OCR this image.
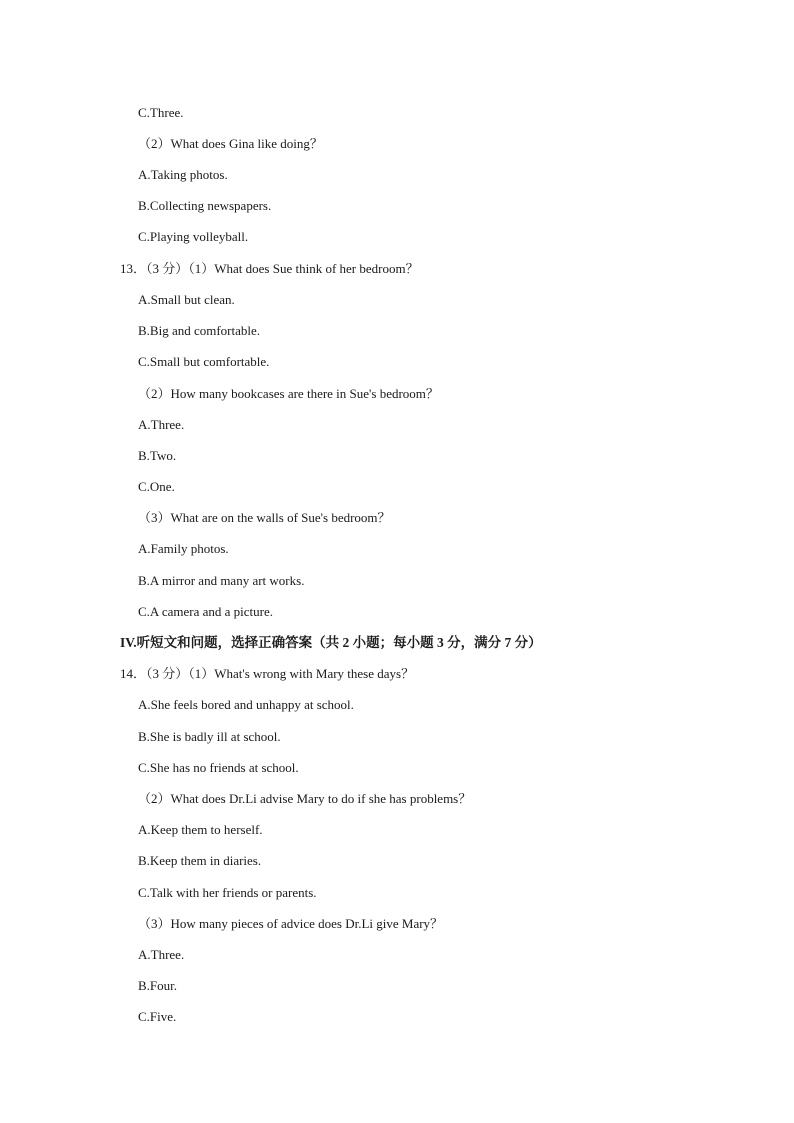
C.Three.
（2）What does Gina like doing？
A.Taking photos.
B.Collecting newspapers.
C.Playing volleyball.
13．（3 分）（1）What does Sue think of her bedroom？
A.Small but clean.
B.Big and comfortable.
C.Small but comfortable.
（2）How many bookcases are there in Sue's bedroom？
A.Three.
B.Two.
C.One.
（3）What are on the walls of Sue's bedroom？
A.Family photos.
B.A mirror and many art works.
C.A camera and a picture.
IV.听短文和问题，选择正确答案（共 2 小题；每小题 3 分，满分 7 分）
14．（3 分）（1）What's wrong with Mary these days？
A.She feels bored and unhappy at school.
B.She is badly ill at school.
C.She has no friends at school.
（2）What does Dr.Li advise Mary to do if she has problems？
A.Keep them to herself.
B.Keep them in diaries.
C.Talk with her friends or parents.
（3）How many pieces of advice does Dr.Li give Mary？
A.Three.
B.Four.
C.Five.
